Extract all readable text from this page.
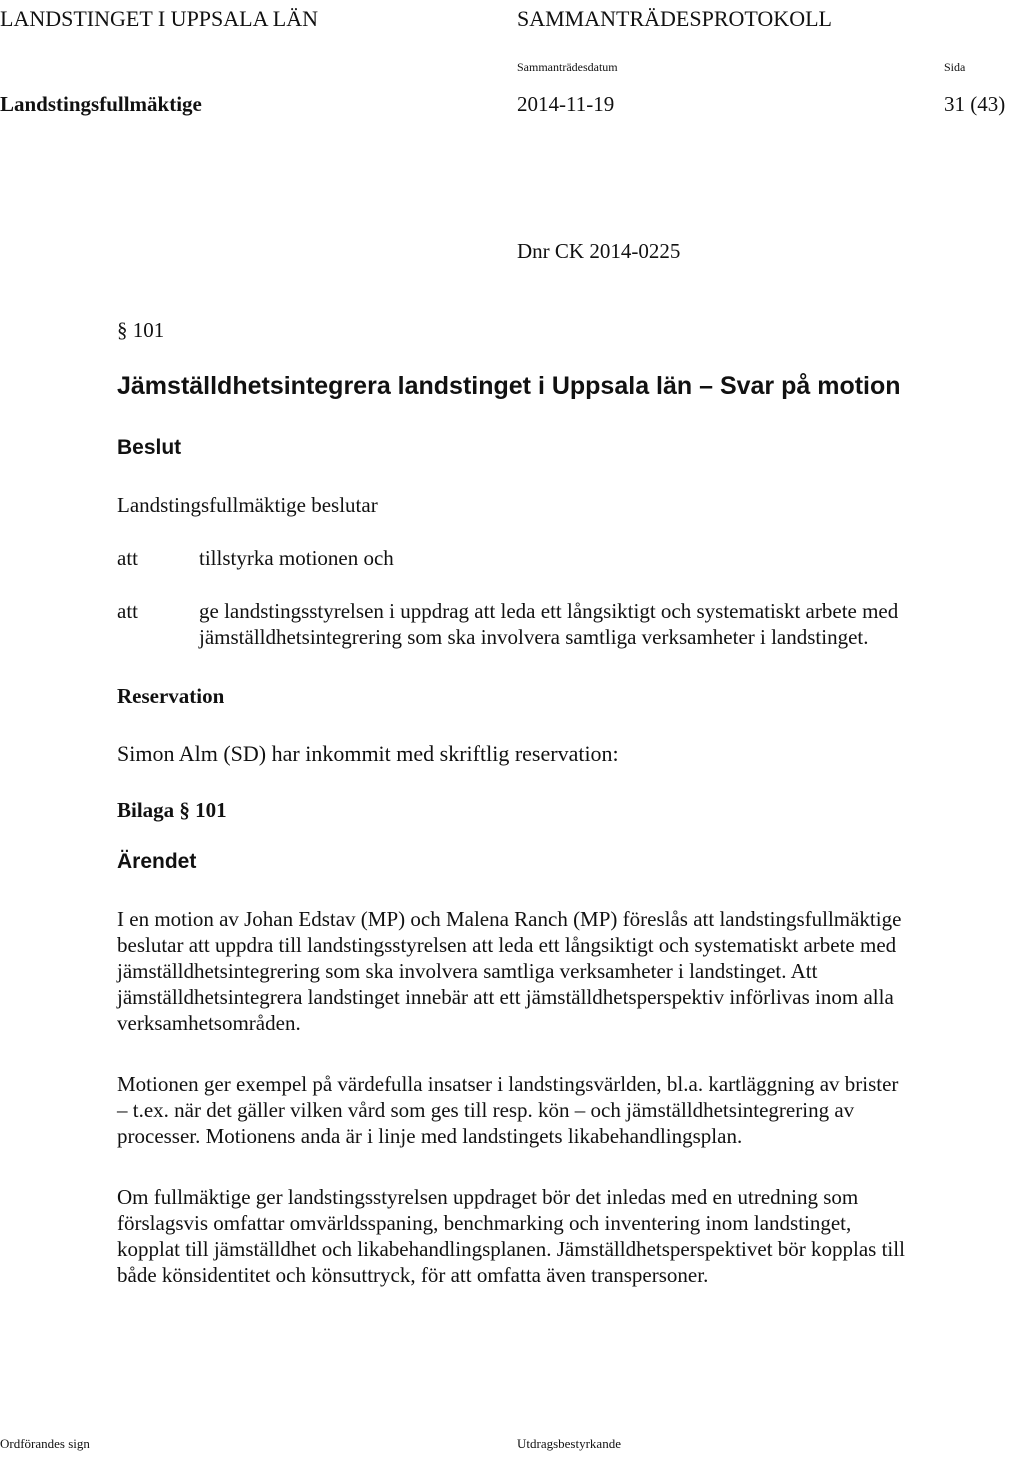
LANDSTINGET I UPPSALA LÄN	SAMMANTRÄDESPROTOKOLL
Sammanträdesdatum	Sida
Landstingsfullmäktige	2014-11-19	31 (43)
Dnr CK 2014-0225
§ 101
Jämställdhetsintegrera landstinget i Uppsala län – Svar på motion
Beslut
Landstingsfullmäktige beslutar
att	tillstyrka motionen och
att	ge landstingsstyrelsen i uppdrag att leda ett långsiktigt och systematiskt arbete med
jämställdhetsintegrering som ska involvera samtliga verksamheter i landstinget.
Reservation
Simon Alm (SD) har inkommit med skriftlig reservation:
Bilaga § 101
Ärendet
I en motion av Johan Edstav (MP) och Malena Ranch (MP) föreslås att landstingsfullmäktige
beslutar att uppdra till landstingsstyrelsen att leda ett långsiktigt och systematiskt arbete med
jämställdhetsintegrering som ska involvera samtliga verksamheter i landstinget. Att
jämställdhetsintegrera landstinget innebär att ett jämställdhetsperspektiv införlivas inom alla
verksamhetsområden.
Motionen ger exempel på värdefulla insatser i landstingsvärlden, bl.a. kartläggning av brister
– t.ex. när det gäller vilken vård som ges till resp. kön – och jämställdhetsintegrering av
processer. Motionens anda är i linje med landstingets likabehandlingsplan.
Om fullmäktige ger landstingsstyrelsen uppdraget bör det inledas med en utredning som
förslagsvis omfattar omvärldsspaning, benchmarking och inventering inom landstinget,
kopplat till jämställdhet och likabehandlingsplanen. Jämställdhetsperspektivet bör kopplas till
både könsidentitet och könsuttryck, för att omfatta även transpersoner.
Ordförandes sign	Utdragsbestyrkande
